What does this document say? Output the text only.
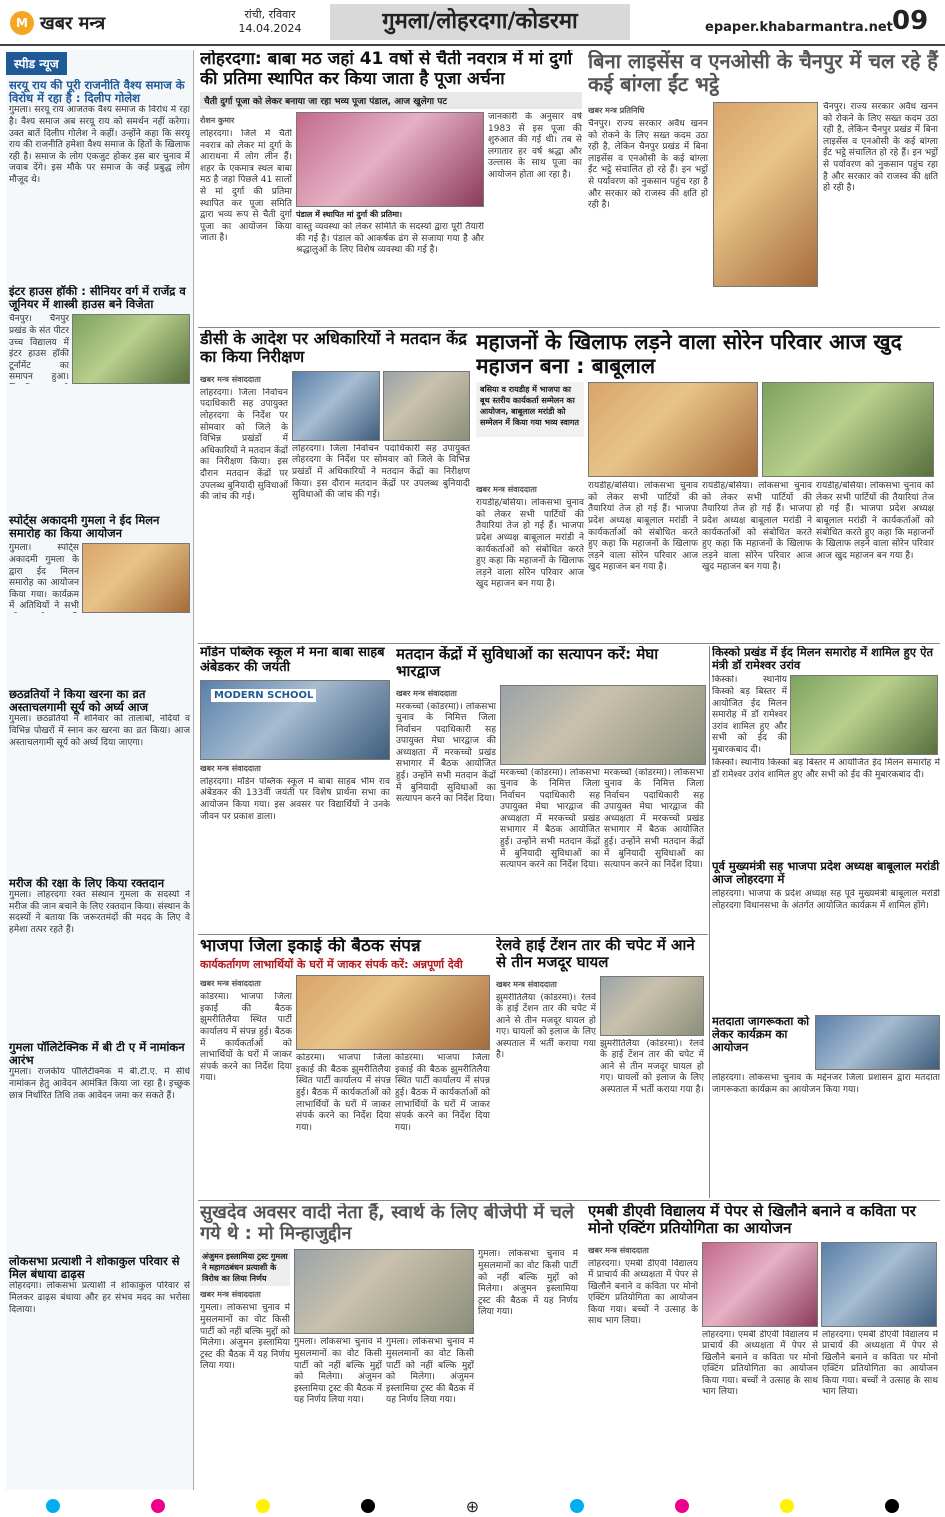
M खबर मन्त्र	रांची, रविवार
14.04.2024	गुमला/लोहरदगा/कोडरमा	epaper.khabarmantra.net 09
स्पीड न्यूज
सरयू राय की पूरी राजनीति वैश्य समाज के विरोध में रहा है : दिलीप गोलेश
गुमला। सरयू राय आजतक वैश्य समाज के विरोध में रहा है। वैश्य समाज अब सरयू राय को समर्थन नहीं करेगा। उक्त बातें दिलीप गोलेश ने कहीं। उन्होंने कहा कि सरयू राय की राजनीति हमेशा वैश्य समाज के हितों के खिलाफ रही है। समाज के लोग एकजुट होकर इस बार चुनाव में जवाब देंगे। इस मौके पर समाज के कई प्रबुद्ध लोग मौजूद थे।
इंटर हाउस हॉकी : सीनियर वर्ग में राजेंद्र व जूनियर में शास्त्री हाउस बने विजेता
चैनपुर। चैनपुर प्रखंड के संत पीटर उच्च विद्यालय में इंटर हाउस हॉकी टूर्नामेंट का समापन हुआ।
स्पोर्ट्स अकादमी गुमला ने ईद मिलन समारोह का किया आयोजन
गुमला। स्पोर्ट्स अकादमी गुमला के द्वारा ईद मिलन समारोह का आयोजन किया गया। कार्यक्रम में अतिथियों ने सभी
छठव्रतियों ने किया खरना का व्रत अस्ताचलगामी सूर्य को अर्घ्य आज
गुमला। छठव्रतियों ने शनिवार को तालाबों, नदियों व विभिन्न पोखरों में स्नान कर खरना का व्रत किया। आज अस्ताचलगामी सूर्य को अर्घ्य दिया जाएगा।
मरीज की रक्षा के लिए किया रक्तदान
गुमला। लोहरदगा रक्त संस्थान गुमला के सदस्यों ने मरीज की जान बचाने के लिए रक्तदान किया। संस्थान के सदस्यों ने बताया कि जरूरतमंदों की मदद के लिए वे हमेशा तत्पर रहते हैं।
गुमला पॉलिटेक्निक में बी टी ए में नामांकन आरंभ
गुमला। राजकीय पॉलिटेक्निक में बी.टी.ए. में सीधे नामांकन हेतु आवेदन आमंत्रित किया जा रहा है। इच्छुक छात्र निर्धारित तिथि तक आवेदन जमा कर सकते हैं।
लोकसभा प्रत्याशी ने शोकाकुल परिवार से मिल बंधाया ढाढ़स
लोहरदगा। लोकसभा प्रत्याशी ने शोकाकुल परिवार से मिलकर ढाढ़स बंधाया और हर संभव मदद का भरोसा दिलाया।
लोहरदगा: बाबा मठ जहां 41 वर्षो से चैती नवरात्र में मां दुर्गा की प्रतिमा स्थापित कर किया जाता है पूजा अर्चना
चैती दुर्गा पूजा को लेकर बनाया जा रहा भव्य पूजा पंडाल, आज खुलेगा पट
रोशन कुमार
लोहरदगा। जिले में चैती नवरात्र को लेकर मां दुर्गा के आराधना में लोग लीन हैं। शहर के एकमात्र स्थल बाबा मठ है जहां पिछले 41 सालों से मां दुर्गा की प्रतिमा स्थापित कर पूजा समिति द्वारा भव्य रूप से चैती दुर्गा पूजा का आयोजन किया जाता है।
पंडाल में स्थापित मां दुर्गा की प्रतिमा।
वास्तु व्यवस्था को लेकर समिति के सदस्यों द्वारा पूरी तैयारी की गई है। पंडाल को आकर्षक ढंग से सजाया गया है और श्रद्धालुओं के लिए विशेष व्यवस्था की गई है।
जानकारी के अनुसार वर्ष 1983 से इस पूजा की शुरुआत की गई थी। तब से लगातार हर वर्ष श्रद्धा और उल्लास के साथ पूजा का आयोजन होता आ रहा है।
बिना लाइसेंस व एनओसी के चैनपुर में चल रहे हैं कई बांग्ला ईंट भट्ठे
खबर मन्त्र प्रतिनिधि
चैनपुर। राज्य सरकार अवैध खनन को रोकने के लिए सख्त कदम उठा रही है, लेकिन चैनपुर प्रखंड में बिना लाइसेंस व एनओसी के कई बांग्ला ईंट भट्ठे संचालित हो रहे हैं। इन भट्ठों से पर्यावरण को नुकसान पहुंच रहा है और सरकार को राजस्व की क्षति हो रही है।
चैनपुर। राज्य सरकार अवैध खनन को रोकने के लिए सख्त कदम उठा रही है, लेकिन चैनपुर प्रखंड में बिना लाइसेंस व एनओसी के कई बांग्ला ईंट भट्ठे संचालित हो रहे हैं। इन भट्ठों से पर्यावरण को नुकसान पहुंच रहा है और सरकार को राजस्व की क्षति हो रही है।
डीसी के आदेश पर अधिकारियों ने मतदान केंद्र का किया निरीक्षण
खबर मन्त्र संवाददाता
लोहरदगा। जिला निर्वाचन पदाधिकारी सह उपायुक्त लोहरदगा के निर्देश पर सोमवार को जिले के विभिन्न प्रखंडों में अधिकारियों ने मतदान केंद्रों का निरीक्षण किया। इस दौरान मतदान केंद्रों पर उपलब्ध बुनियादी सुविधाओं की जांच की गई।
लोहरदगा। जिला निर्वाचन पदाधिकारी सह उपायुक्त लोहरदगा के निर्देश पर सोमवार को जिले के विभिन्न प्रखंडों में अधिकारियों ने मतदान केंद्रों का निरीक्षण किया। इस दौरान मतदान केंद्रों पर उपलब्ध बुनियादी सुविधाओं की जांच की गई।
महाजनों के खिलाफ लड़ने वाला सोरेन परिवार आज खुद महाजन बना : बाबूलाल
बसिया व रायडीह में भाजपा का बूथ स्तरीय कार्यकर्ता सम्मेलन का आयोजन, बाबूलाल मरांडी को सम्मेलन में किया गया भव्य स्वागत
खबर मन्त्र संवाददाता
रायडीह/बसिया। लोकसभा चुनाव को लेकर सभी पार्टियों की तैयारियां तेज हो गई हैं। भाजपा प्रदेश अध्यक्ष बाबूलाल मरांडी ने कार्यकर्ताओं को संबोधित करते हुए कहा कि महाजनों के खिलाफ लड़ने वाला सोरेन परिवार आज खुद महाजन बन गया है।
रायडीह/बसिया। लोकसभा चुनाव को लेकर सभी पार्टियों की तैयारियां तेज हो गई हैं। भाजपा प्रदेश अध्यक्ष बाबूलाल मरांडी ने कार्यकर्ताओं को संबोधित करते हुए कहा कि महाजनों के खिलाफ लड़ने वाला सोरेन परिवार आज खुद महाजन बन गया है।
रायडीह/बसिया। लोकसभा चुनाव को लेकर सभी पार्टियों की तैयारियां तेज हो गई हैं। भाजपा प्रदेश अध्यक्ष बाबूलाल मरांडी ने कार्यकर्ताओं को संबोधित करते हुए कहा कि महाजनों के खिलाफ लड़ने वाला सोरेन परिवार आज खुद महाजन बन गया है।
रायडीह/बसिया। लोकसभा चुनाव को लेकर सभी पार्टियों की तैयारियां तेज हो गई हैं। भाजपा प्रदेश अध्यक्ष बाबूलाल मरांडी ने कार्यकर्ताओं को संबोधित करते हुए कहा कि महाजनों के खिलाफ लड़ने वाला सोरेन परिवार आज खुद महाजन बन गया है।
मॉर्डन पब्लिक स्कूल में मना बाबा साहब अंबेडकर की जयंती
MODERN SCHOOL
खबर मन्त्र संवाददाता
लोहरदगा। मॉर्डन पब्लिक स्कूल में बाबा साहब भीम राव अंबेडकर की 133वीं जयंती पर विशेष प्रार्थना सभा का आयोजन किया गया। इस अवसर पर विद्यार्थियों ने उनके जीवन पर प्रकाश डाला।
मतदान केंद्रों में सुविधाओं का सत्यापन करें: मेघा भारद्वाज
खबर मन्त्र संवाददाता
मरकच्चो (कोडरमा)। लोकसभा चुनाव के निमित्त जिला निर्वाचन पदाधिकारी सह उपायुक्त मेघा भारद्वाज की अध्यक्षता में मरकच्चो प्रखंड सभागार में बैठक आयोजित हुई। उन्होंने सभी मतदान केंद्रों में बुनियादी सुविधाओं का सत्यापन करने का निर्देश दिया।
मरकच्चो (कोडरमा)। लोकसभा चुनाव के निमित्त जिला निर्वाचन पदाधिकारी सह उपायुक्त मेघा भारद्वाज की अध्यक्षता में मरकच्चो प्रखंड सभागार में बैठक आयोजित हुई। उन्होंने सभी मतदान केंद्रों में बुनियादी सुविधाओं का सत्यापन करने का निर्देश दिया।
मरकच्चो (कोडरमा)। लोकसभा चुनाव के निमित्त जिला निर्वाचन पदाधिकारी सह उपायुक्त मेघा भारद्वाज की अध्यक्षता में मरकच्चो प्रखंड सभागार में बैठक आयोजित हुई। उन्होंने सभी मतदान केंद्रों में बुनियादी सुविधाओं का सत्यापन करने का निर्देश दिया।
किस्को प्रखंड में ईद मिलन समारोह में शामिल हुए ऐत मंत्री डॉ रामेश्वर उरांव
किस्को। स्थानीय किस्को बड़ बिस्तर में आयोजित ईद मिलन समारोह में डॉ रामेश्वर उरांव शामिल हुए और सभी को ईद की मुबारकबाद दी।
किस्को। स्थानीय किस्को बड़ बिस्तर में आयोजित ईद मिलन समारोह में डॉ रामेश्वर उरांव शामिल हुए और सभी को ईद की मुबारकबाद दी।
पूर्व मुख्यमंत्री सह भाजपा प्रदेश अध्यक्ष बाबूलाल मरांडी आज लोहरदगा में
लोहरदगा। भाजपा के प्रदेश अध्यक्ष सह पूर्व मुख्यमंत्री बाबूलाल मरांडी लोहरदगा विधानसभा के अंतर्गत आयोजित कार्यक्रम में शामिल होंगे।
भाजपा जिला इकाई की बैठक संपन्न
कार्यकर्तागण लाभार्थियों के घरों में जाकर संपर्क करें: अन्नपूर्णा देवी
खबर मन्त्र संवाददाता
कोडरमा। भाजपा जिला इकाई की बैठक झुमरीतिलैया स्थित पार्टी कार्यालय में संपन्न हुई। बैठक में कार्यकर्ताओं को लाभार्थियों के घरों में जाकर संपर्क करने का निर्देश दिया गया।
कोडरमा। भाजपा जिला इकाई की बैठक झुमरीतिलैया स्थित पार्टी कार्यालय में संपन्न हुई। बैठक में कार्यकर्ताओं को लाभार्थियों के घरों में जाकर संपर्क करने का निर्देश दिया गया।
कोडरमा। भाजपा जिला इकाई की बैठक झुमरीतिलैया स्थित पार्टी कार्यालय में संपन्न हुई। बैठक में कार्यकर्ताओं को लाभार्थियों के घरों में जाकर संपर्क करने का निर्देश दिया गया।
रेलवे हाई टेंशन तार की चपेट में आने से तीन मजदूर घायल
खबर मन्त्र संवाददाता
झुमरीतिलैया (कोडरमा)। रेलवे के हाई टेंशन तार की चपेट में आने से तीन मजदूर घायल हो गए। घायलों को इलाज के लिए अस्पताल में भर्ती कराया गया है।
झुमरीतिलैया (कोडरमा)। रेलवे के हाई टेंशन तार की चपेट में आने से तीन मजदूर घायल हो गए। घायलों को इलाज के लिए अस्पताल में भर्ती कराया गया है।
मतदाता जागरूकता को लेकर कार्यक्रम का आयोजन
लोहरदगा। लोकसभा चुनाव के मद्देनजर जिला प्रशासन द्वारा मतदाता जागरूकता कार्यक्रम का आयोजन किया गया।
सुखदेव अवसर वादी नेता हैं, स्वार्थ के लिए बीजेपी में चले गये थे : मो मिन्हाजुद्दीन
अंजुमन इस्लामिया ट्रस्ट गुमला ने महागठबंधन प्रत्याशी के विरोध का लिया निर्णय
खबर मन्त्र संवाददाता
गुमला। लोकसभा चुनाव में मुसलमानों का वोट किसी पार्टी को नहीं बल्कि मुद्दों को मिलेगा। अंजुमन इस्लामिया ट्रस्ट की बैठक में यह निर्णय लिया गया।
गुमला। लोकसभा चुनाव में मुसलमानों का वोट किसी पार्टी को नहीं बल्कि मुद्दों को मिलेगा। अंजुमन इस्लामिया ट्रस्ट की बैठक में यह निर्णय लिया गया।
गुमला। लोकसभा चुनाव में मुसलमानों का वोट किसी पार्टी को नहीं बल्कि मुद्दों को मिलेगा। अंजुमन इस्लामिया ट्रस्ट की बैठक में यह निर्णय लिया गया।
गुमला। लोकसभा चुनाव में मुसलमानों का वोट किसी पार्टी को नहीं बल्कि मुद्दों को मिलेगा। अंजुमन इस्लामिया ट्रस्ट की बैठक में यह निर्णय लिया गया।
एमबी डीएवी विद्यालय में पेपर से खिलौने बनाने व कविता पर मोनो एक्टिंग प्रतियोगिता का आयोजन
खबर मन्त्र संवाददाता
लोहरदगा। एमबी डीएवी विद्यालय में प्राचार्य की अध्यक्षता में पेपर से खिलौने बनाने व कविता पर मोनो एक्टिंग प्रतियोगिता का आयोजन किया गया। बच्चों ने उत्साह के साथ भाग लिया।
लोहरदगा। एमबी डीएवी विद्यालय में प्राचार्य की अध्यक्षता में पेपर से खिलौने बनाने व कविता पर मोनो एक्टिंग प्रतियोगिता का आयोजन किया गया। बच्चों ने उत्साह के साथ भाग लिया।
लोहरदगा। एमबी डीएवी विद्यालय में प्राचार्य की अध्यक्षता में पेपर से खिलौने बनाने व कविता पर मोनो एक्टिंग प्रतियोगिता का आयोजन किया गया। बच्चों ने उत्साह के साथ भाग लिया।
⊕
